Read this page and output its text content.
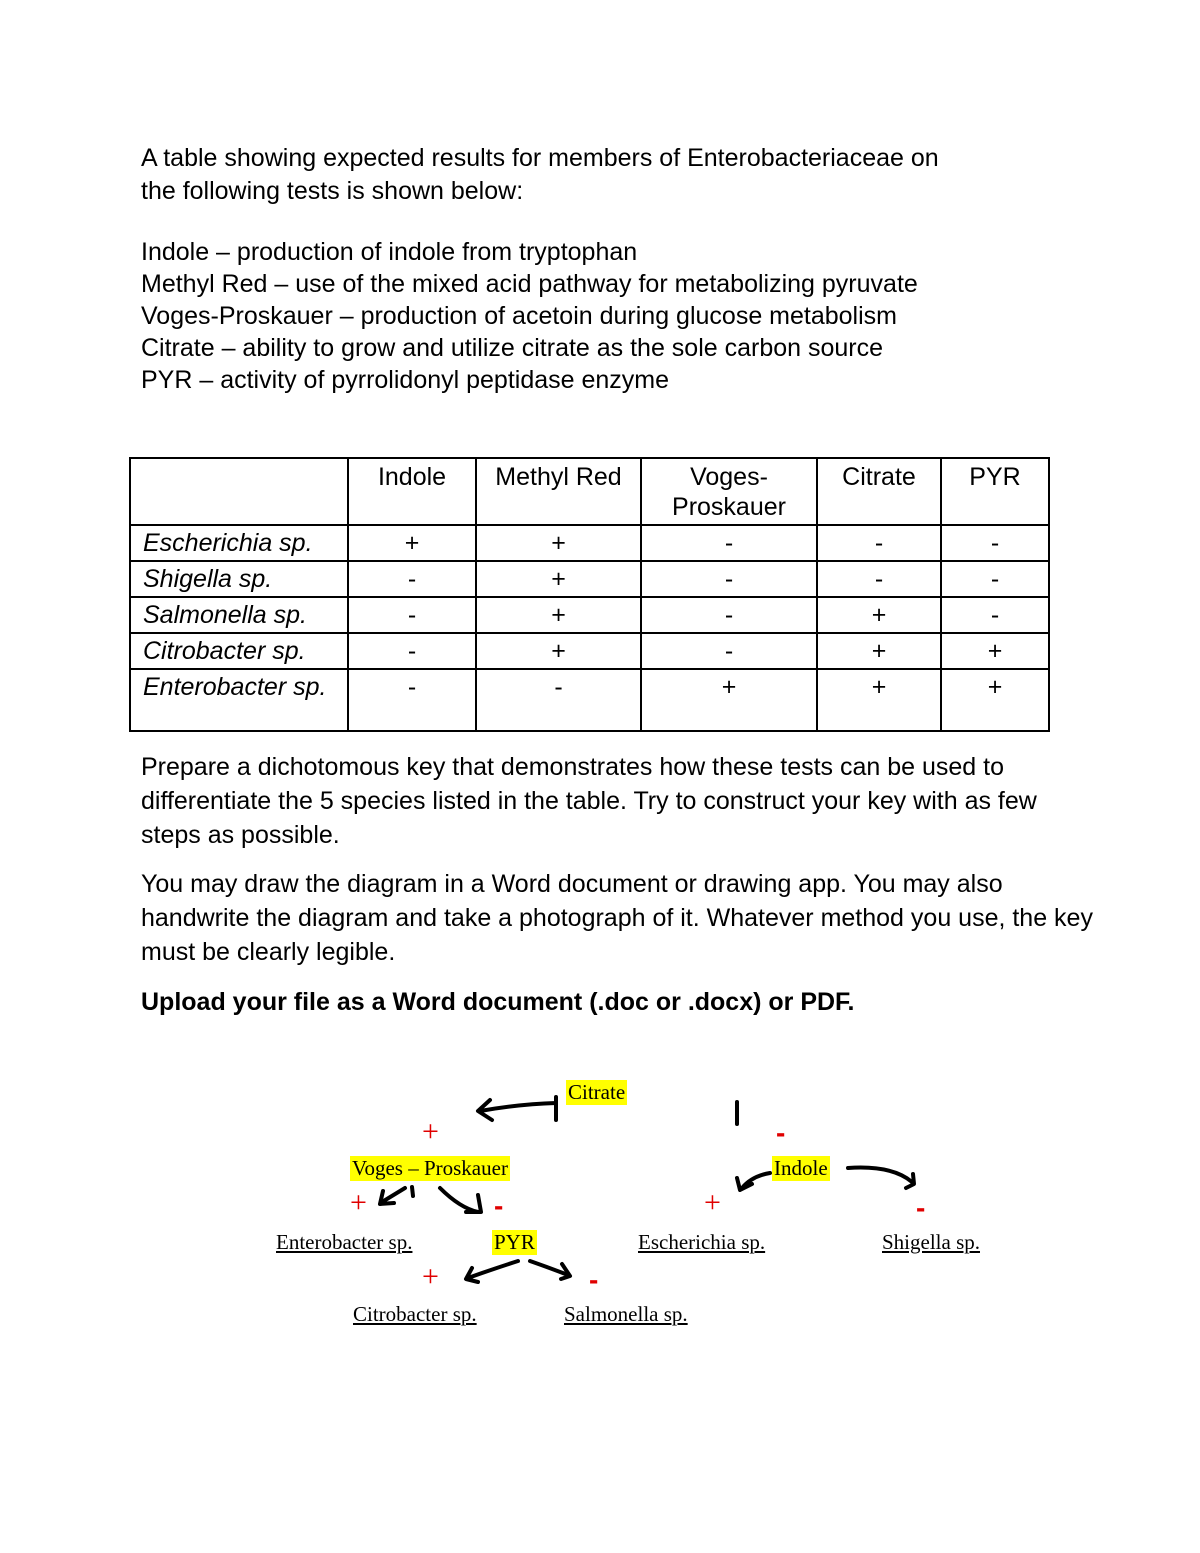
A table showing expected results for members of Enterobacteriaceae on
the following tests is shown below:
Indole – production of indole from tryptophan
Methyl Red – use of the mixed acid pathway for metabolizing pyruvate
Voges-Proskauer – production of acetoin during glucose metabolism
Citrate – ability to grow and utilize citrate as the sole carbon source
PYR – activity of pyrrolidonyl peptidase enzyme
	Indole	Methyl Red	Voges-
Proskauer	Citrate	PYR
Escherichia sp.	+	+	-	-	-
Shigella sp.	-	+	-	-	-
Salmonella sp.	-	+	-	+	-
Citrobacter sp.	-	+	-	+	+
Enterobacter sp.	-	-	+	+	+

Prepare a dichotomous key that demonstrates how these tests can be used to differentiate the 5 species listed in the table. Try to construct your key with as few steps as possible.

You may draw the diagram in a Word document or drawing app. You may also handwrite the diagram and take a photograph of it. Whatever method you use, the key must be clearly legible.

Upload your file as a Word document (.doc or .docx) or PDF.

Citrate
+	-
Voges – Proskauer	Indole
+	-	+	-
Enterobacter sp.	PYR	Escherichia sp.	Shigella sp.
+	-
Citrobacter sp.	Salmonella sp.
